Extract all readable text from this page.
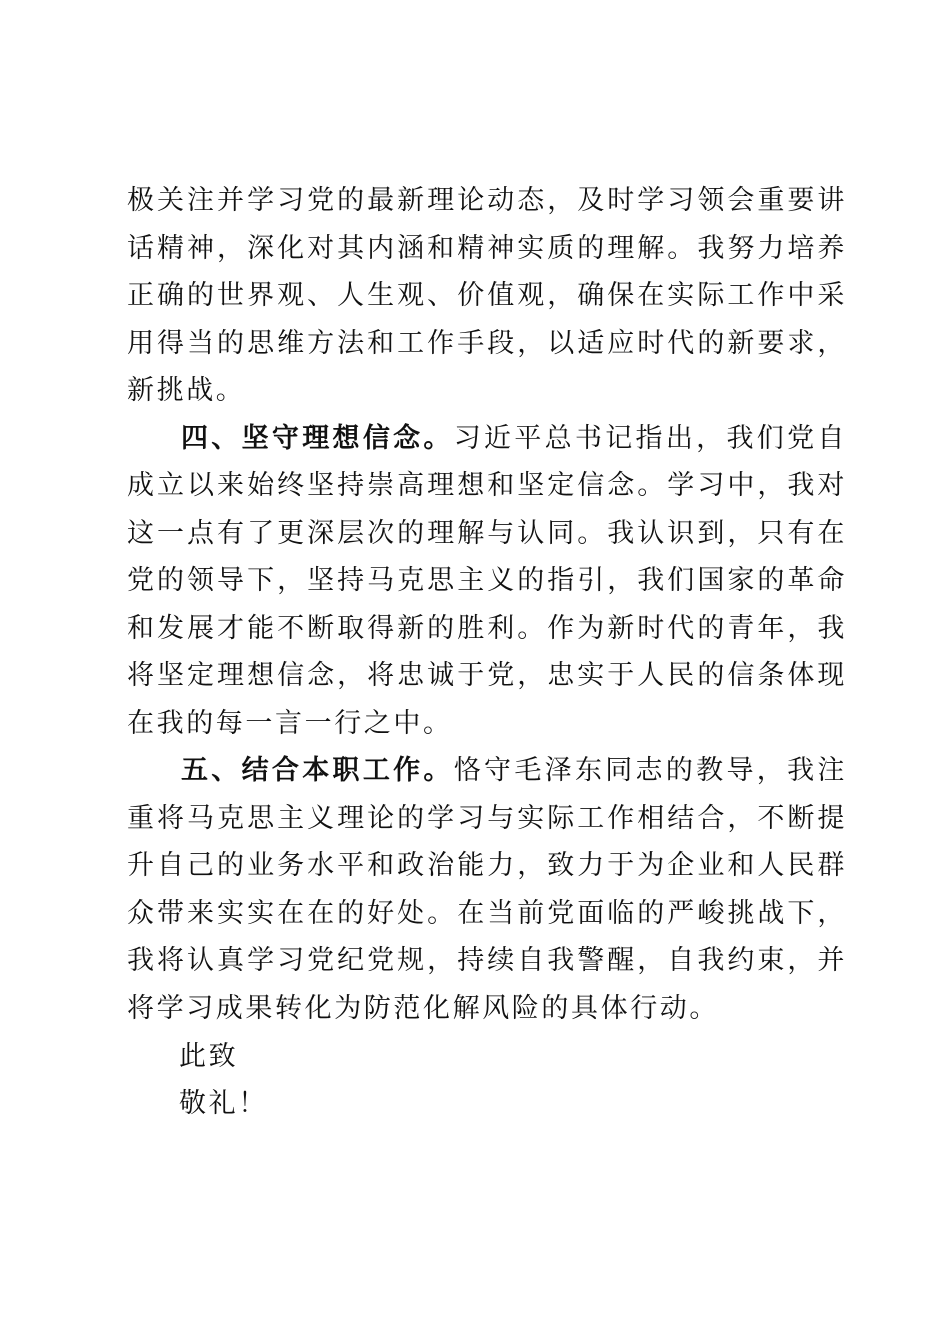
极关注并学习党的最新理论动态，及时学习领会重要讲话精神，深化对其内涵和精神实质的理解。我努力培养正确的世界观、人生观、价值观，确保在实际工作中采用得当的思维方法和工作手段，以适应时代的新要求，新挑战。

四、坚守理想信念。习近平总书记指出，我们党自成立以来始终坚持崇高理想和坚定信念。学习中，我对这一点有了更深层次的理解与认同。我认识到，只有在党的领导下，坚持马克思主义的指引，我们国家的革命和发展才能不断取得新的胜利。作为新时代的青年，我将坚定理想信念，将忠诚于党，忠实于人民的信条体现在我的每一言一行之中。

五、结合本职工作。恪守毛泽东同志的教导，我注重将马克思主义理论的学习与实际工作相结合，不断提升自己的业务水平和政治能力，致力于为企业和人民群众带来实实在在的好处。在当前党面临的严峻挑战下，我将认真学习党纪党规，持续自我警醒，自我约束，并将学习成果转化为防范化解风险的具体行动。

此致

敬礼！
